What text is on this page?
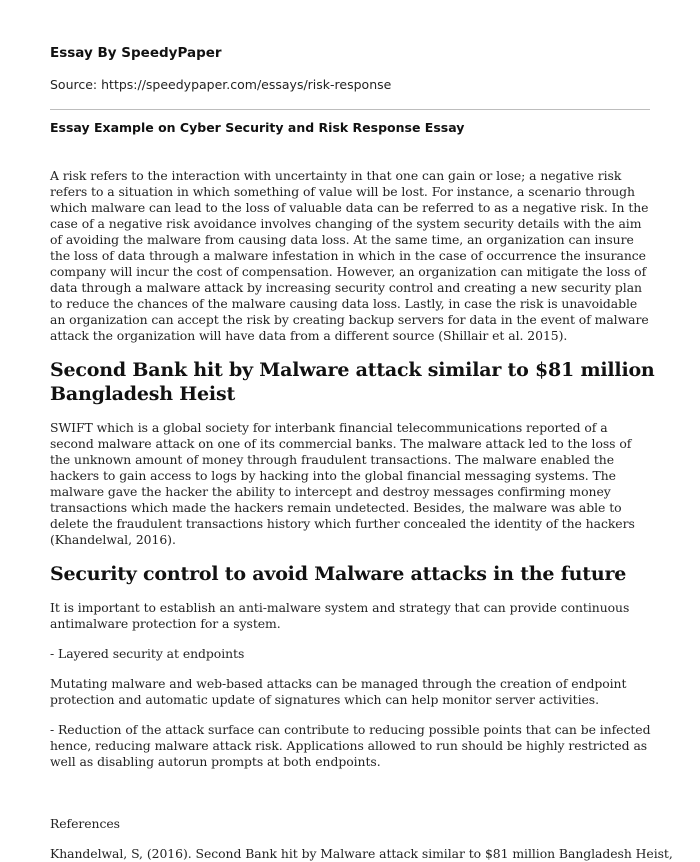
Essay By SpeedyPaper
Source: https://speedypaper.com/essays/risk-response
Essay Example on Cyber Security and Risk Response Essay

A risk refers to the interaction with uncertainty in that one can gain or lose; a negative risk refers to a situation in which something of value will be lost. For instance, a scenario through which malware can lead to the loss of valuable data can be referred to as a negative risk. In the case of a negative risk avoidance involves changing of the system security details with the aim of avoiding the malware from causing data loss. At the same time, an organization can insure the loss of data through a malware infestation in which in the case of occurrence the insurance company will incur the cost of compensation. However, an organization can mitigate the loss of data through a malware attack by increasing security control and creating a new security plan to reduce the chances of the malware causing data loss. Lastly, in case the risk is unavoidable an organization can accept the risk by creating backup servers for data in the event of malware attack the organization will have data from a different source (Shillair et al. 2015).

Second Bank hit by Malware attack similar to $81 million Bangladesh Heist

SWIFT which is a global society for interbank financial telecommunications reported of a second malware attack on one of its commercial banks. The malware attack led to the loss of the unknown amount of money through fraudulent transactions. The malware enabled the hackers to gain access to logs by hacking into the global financial messaging systems. The malware gave the hacker the ability to intercept and destroy messages confirming money transactions which made the hackers remain undetected. Besides, the malware was able to delete the fraudulent transactions history which further concealed the identity of the hackers (Khandelwal, 2016).

Security control to avoid Malware attacks in the future

It is important to establish an anti-malware system and strategy that can provide continuous antimalware protection for a system.

- Layered security at endpoints

Mutating malware and web-based attacks can be managed through the creation of endpoint protection and automatic update of signatures which can help monitor server activities.

- Reduction of the attack surface can contribute to reducing possible points that can be infected hence, reducing malware attack risk. Applications allowed to run should be highly restricted as well as disabling autorun prompts at both endpoints.

References

Khandelwal, S, (2016). Second Bank hit by Malware attack similar to $81 million Bangladesh Heist,
